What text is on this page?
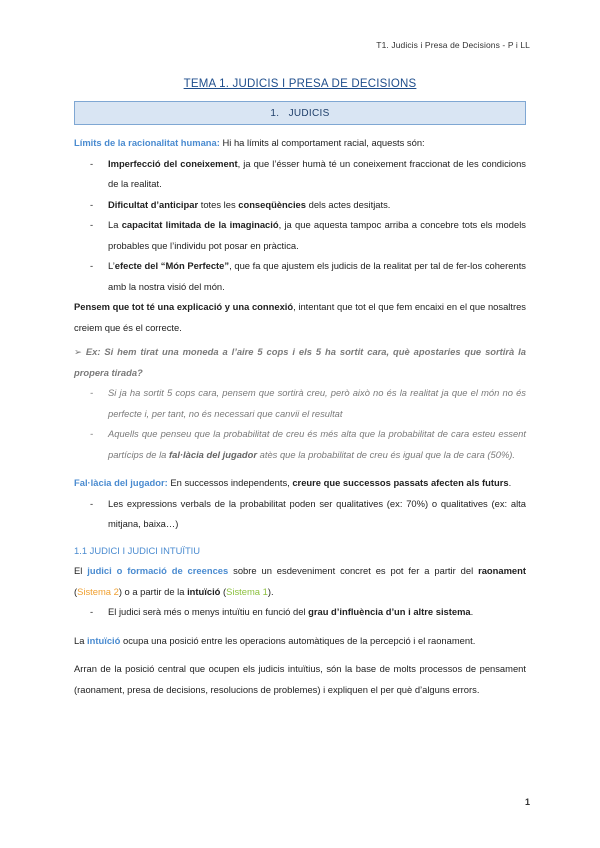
T1. Judicis i Presa de Decisions - P i LL
TEMA 1. JUDICIS I PRESA DE DECISIONS
1.   JUDICIS

Límits de la racionalitat humana: Hi ha límits al comportament racial, aquests són:

- Imperfecció del coneixement, ja que l’ésser humà té un coneixement fraccionat de les condicions de la realitat.
- Dificultat d’anticipar totes les conseqüències dels actes desitjats.
- La capacitat limitada de la imaginació, ja que aquesta tampoc arriba a concebre tots els models probables que l’individu pot posar en pràctica.
- L’efecte del “Món Perfecte”, que fa que ajustem els judicis de la realitat per tal de fer-los coherents amb la nostra visió del món.

Pensem que tot té una explicació y una connexió, intentant que tot el que fem encaixi en el que nosaltres creiem que és el correcte.

➢ Ex: Si hem tirat una moneda a l’aire 5 cops i els 5 ha sortit cara, què apostaries que sortirà la propera tirada?

- Si ja ha sortit 5 cops cara, pensem que sortirà creu, però això no és la realitat ja que el món no és perfecte i, per tant, no és necessari que canvii el resultat
- Aquells que penseu que la probabilitat de creu és més alta que la probabilitat de cara esteu essent partícips de la fal·làcia del jugador atès que la probabilitat de creu és igual que la de cara (50%).

Fal·làcia del jugador: En successos independents, creure que successos passats afecten als futurs.

- Les expressions verbals de la probabilitat poden ser qualitatives (ex: 70%) o qualitatives (ex: alta mitjana, baixa…)

1.1 JUDICI I JUDICI INTUÏTIU

El judici o formació de creences sobre un esdeveniment concret es pot fer a partir del raonament (Sistema 2) o a partir de la intuïció (Sistema 1).

- El judici serà més o menys intuïtiu en funció del grau d’influència d’un i altre sistema.

La intuïció ocupa una posició entre les operacions automàtiques de la percepció i el raonament.

Arran de la posició central que ocupen els judicis intuïtius, són la base de molts processos de pensament (raonament, presa de decisions, resolucions de problemes) i expliquen el per què d’alguns errors.

1
